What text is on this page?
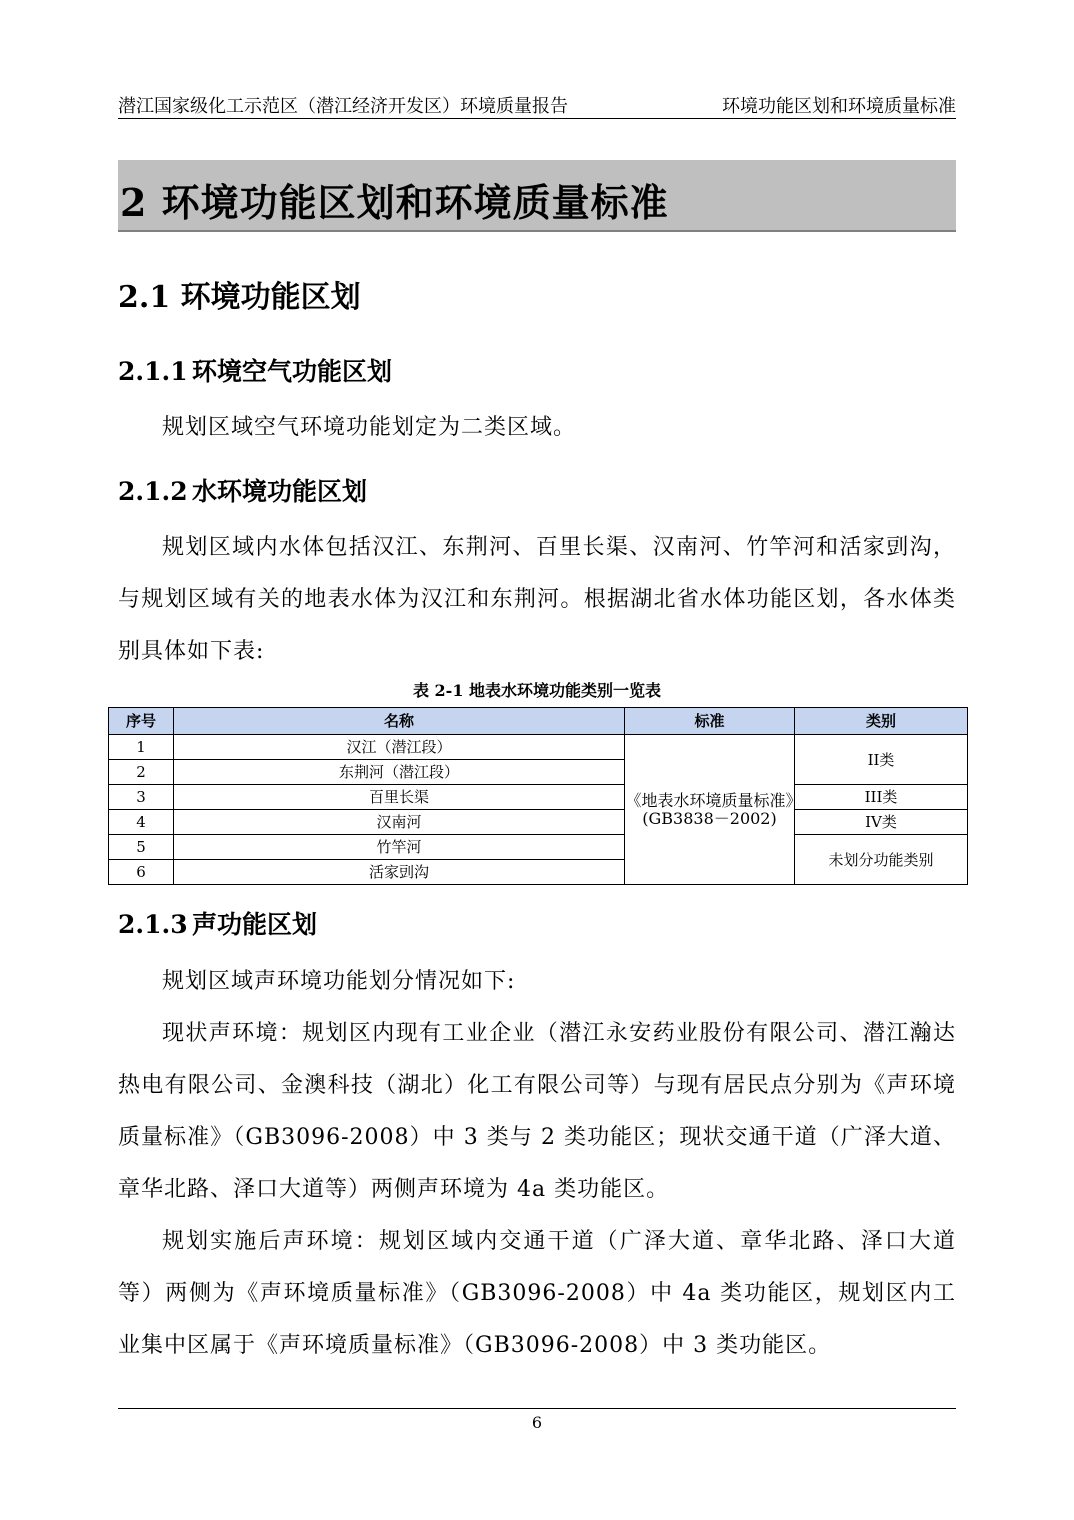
潜江国家级化工示范区（潜江经济开发区）环境质量报告	环境功能区划和环境质量标准
2 环境功能区划和环境质量标准
2.1 环境功能区划
2.1.1 环境空气功能区划
规划区域空气环境功能划定为二类区域。
2.1.2 水环境功能区划
规划区域内水体包括汉江、东荆河、百里长渠、汉南河、竹竿河和活家剅沟，与规划区域有关的地表水体为汉江和东荆河。根据湖北省水体功能区划，各水体类别具体如下表:
表 2-1 地表水环境功能类别一览表
序号	名称	标准	类别
1	汉江（潜江段）	《地表水环境质量标准》(GB3838－2002)	II类
2	东荆河（潜江段）		
3	百里长渠		III类
4	汉南河		IV类
5	竹竿河		未划分功能类别
6	活家剅沟		
2.1.3 声功能区划
规划区域声环境功能划分情况如下:
现状声环境：规划区内现有工业企业（潜江永安药业股份有限公司、潜江瀚达热电有限公司、金澳科技（湖北）化工有限公司等）与现有居民点分别为《声环境质量标准》（GB3096-2008）中 3 类与 2 类功能区；现状交通干道（广泽大道、章华北路、泽口大道等）两侧声环境为 4a 类功能区。
规划实施后声环境：规划区域内交通干道（广泽大道、章华北路、泽口大道等）两侧为《声环境质量标准》（GB3096-2008）中 4a 类功能区，规划区内工业集中区属于《声环境质量标准》（GB3096-2008）中 3 类功能区。
6
